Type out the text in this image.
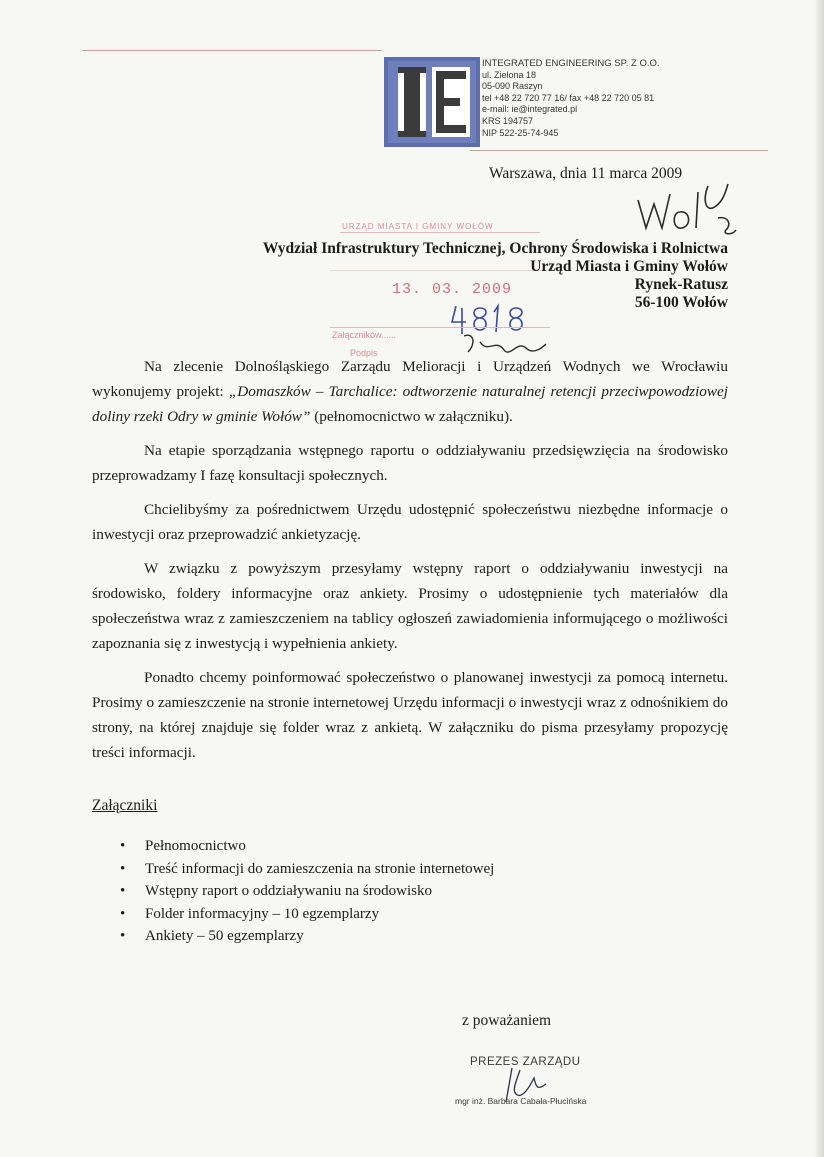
INTEGRATED ENGINEERING SP. Z O.O.
ul. Zielona 18
05-090 Raszyn
tel +48 22 720 77 16/ fax +48 22 720 05 81
e-mail: ie@integrated.pl
KRS 194757
NIP 522-25-74-945
Warszawa, dnia 11 marca 2009
URZĄD MIASTA I GMINY WOŁÓW
13. 03. 2009
Załączników......
Podpis
Wydział Infrastruktury Technicznej, Ochrony Środowiska i Rolnictwa
Urząd Miasta i Gminy Wołów
Rynek-Ratusz
56-100 Wołów

Na zlecenie Dolnośląskiego Zarządu Melioracji i Urządzeń Wodnych we Wrocławiu wykonujemy projekt: „Domaszków – Tarchalice: odtworzenie naturalnej retencji przeciwpowodziowej doliny rzeki Odry w gminie Wołów” (pełnomocnictwo w załączniku).

Na etapie sporządzania wstępnego raportu o oddziaływaniu przedsięwzięcia na środowisko przeprowadzamy I fazę konsultacji społecznych.

Chcielibyśmy za pośrednictwem Urzędu udostępnić społeczeństwu niezbędne informacje o inwestycji oraz przeprowadzić ankietyzację.

W związku z powyższym przesyłamy wstępny raport o oddziaływaniu inwestycji na środowisko, foldery informacyjne oraz ankiety. Prosimy o udostępnienie tych materiałów dla społeczeństwa wraz z zamieszczeniem na tablicy ogłoszeń zawiadomienia informującego o możliwości zapoznania się z inwestycją i wypełnienia ankiety.

Ponadto chcemy poinformować społeczeństwo o planowanej inwestycji za pomocą internetu. Prosimy o zamieszczenie na stronie internetowej Urzędu informacji o inwestycji wraz z odnośnikiem do strony, na której znajduje się folder wraz z ankietą. W załączniku do pisma przesyłamy propozycję treści informacji.

Załączniki
• Pełnomocnictwo
• Treść informacji do zamieszczenia na stronie internetowej
• Wstępny raport o oddziaływaniu na środowisko
• Folder informacyjny – 10 egzemplarzy
• Ankiety – 50 egzemplarzy
z poważaniem
PREZES ZARZĄDU
mgr inż. Barbara Cabała-Płucińska
